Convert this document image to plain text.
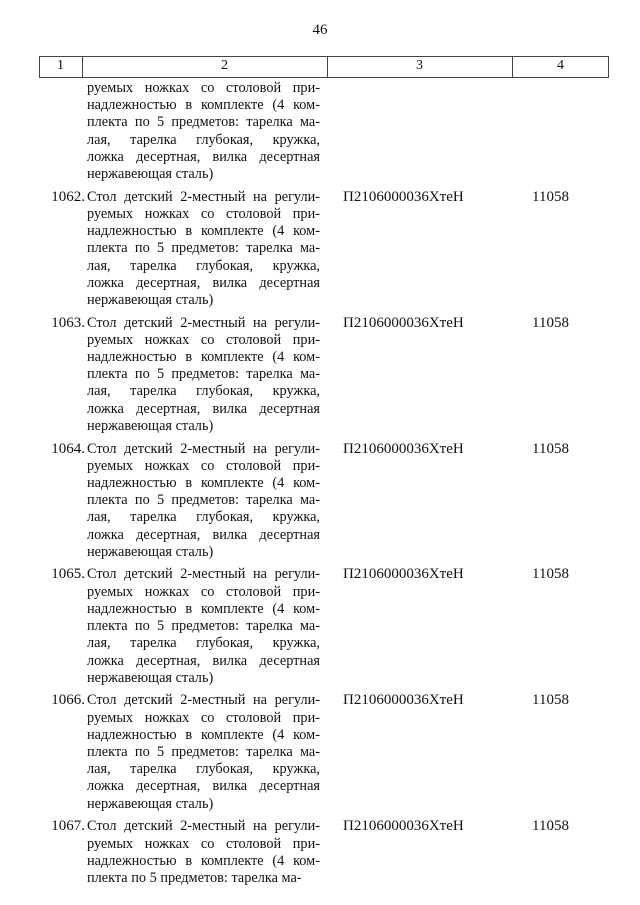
46
1	2	3	4
руемых ножках со столовой при-
надлежностью в комплекте (4 ком-
плекта по 5 предметов: тарелка ма-
лая, тарелка глубокая, кружка,
ложка десертная, вилка десертная
нержавеющая сталь)
1062. Стол детский 2-местный на регули-
руемых ножках со столовой при-
надлежностью в комплекте (4 ком-
плекта по 5 предметов: тарелка ма-
лая, тарелка глубокая, кружка,
ложка десертная, вилка десертная
нержавеющая сталь)
П2106000036ХтеН	11058
1063. Стол детский 2-местный на регули-
руемых ножках со столовой при-
надлежностью в комплекте (4 ком-
плекта по 5 предметов: тарелка ма-
лая, тарелка глубокая, кружка,
ложка десертная, вилка десертная
нержавеющая сталь)
П2106000036ХтеН	11058
1064. Стол детский 2-местный на регули-
руемых ножках со столовой при-
надлежностью в комплекте (4 ком-
плекта по 5 предметов: тарелка ма-
лая, тарелка глубокая, кружка,
ложка десертная, вилка десертная
нержавеющая сталь)
П2106000036ХтеН	11058
1065. Стол детский 2-местный на регули-
руемых ножках со столовой при-
надлежностью в комплекте (4 ком-
плекта по 5 предметов: тарелка ма-
лая, тарелка глубокая, кружка,
ложка десертная, вилка десертная
нержавеющая сталь)
П2106000036ХтеН	11058
1066. Стол детский 2-местный на регули-
руемых ножках со столовой при-
надлежностью в комплекте (4 ком-
плекта по 5 предметов: тарелка ма-
лая, тарелка глубокая, кружка,
ложка десертная, вилка десертная
нержавеющая сталь)
П2106000036ХтеН	11058
1067. Стол детский 2-местный на регули-
руемых ножках со столовой при-
надлежностью в комплекте (4 ком-
плекта по 5 предметов: тарелка ма-
П2106000036ХтеН	11058
